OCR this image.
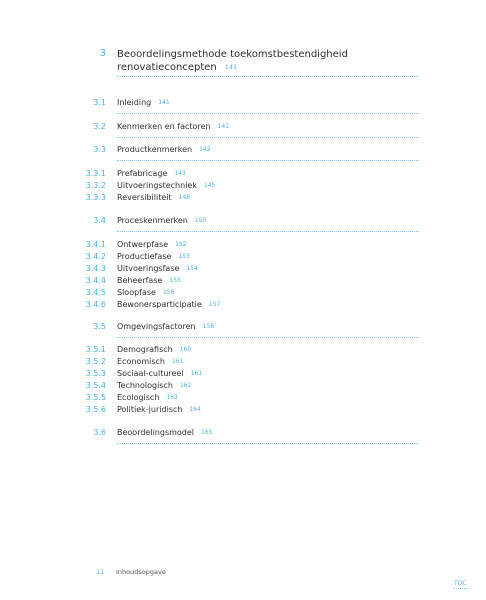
3 Beoordelingsmethode toekomstbestendigheid
renovatieconcepten 141
3.1 Inleiding 141
3.2 Kenmerken en factoren 141
3.3 Productkenmerken 142
3.3.1 Prefabricage 143
3.3.2 Uitvoeringstechniek 145
3.3.3 Reversibiliteit 148
3.4 Proceskenmerken 150
3.4.1 Ontwerpfase 152
3.4.2 Productiefase 153
3.4.3 Uitvoeringsfase 154
3.4.4 Beheerfase 155
3.4.5 Sloopfase 156
3.4.6 Bewonersparticipatie 157
3.5 Omgevingsfactoren 158
3.5.1 Demografisch 160
3.5.2 Economisch 161
3.5.3 Sociaal-cultureel 161
3.5.4 Technologisch 162
3.5.5 Ecologisch 163
3.5.6 Politiek-juridisch 164
3.6 Beoordelingsmodel 165
11 Inhoudsopgave
TOC
